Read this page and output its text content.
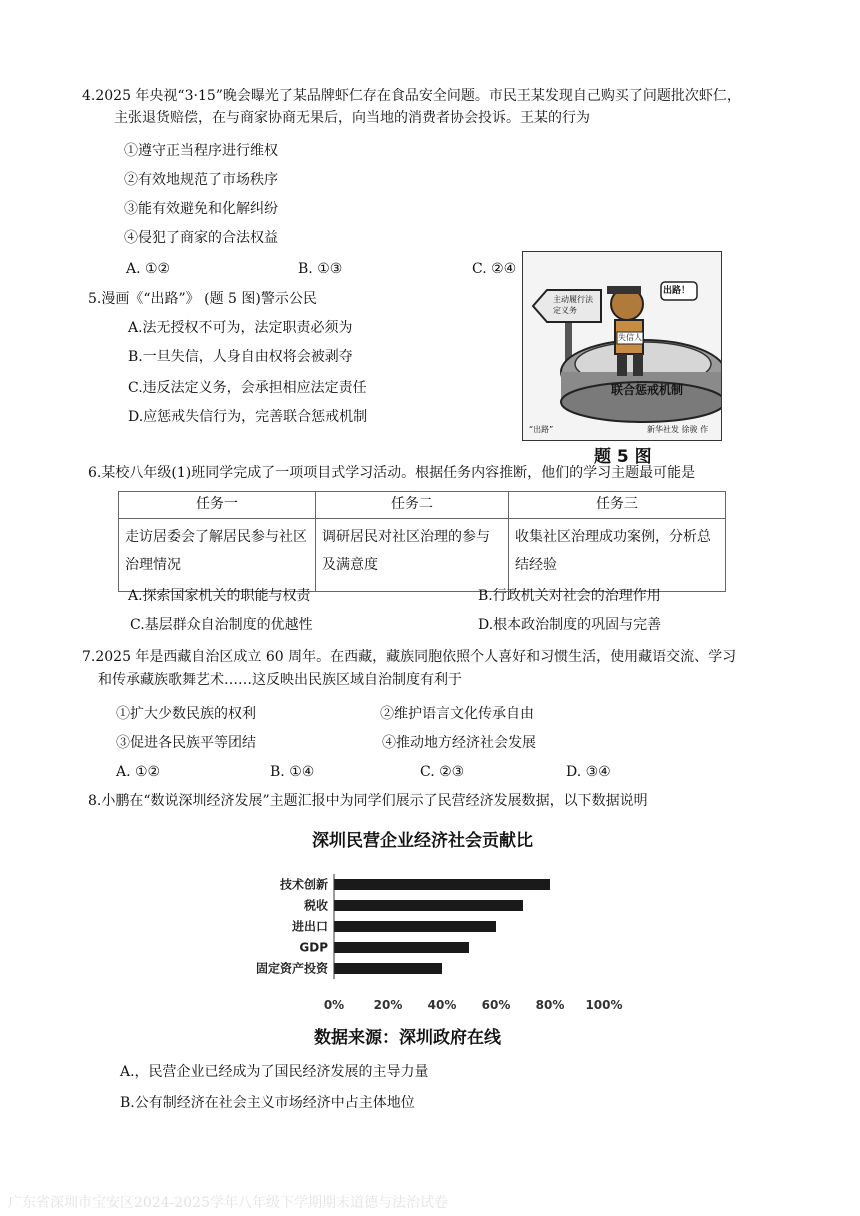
4.2025 年央视“3·15”晚会曝光了某品牌虾仁存在食品安全问题。市民王某发现自己购买了问题批次虾仁，
主张退货赔偿，在与商家协商无果后，向当地的消费者协会投诉。王某的行为
①遵守正当程序进行维权
②有效地规范了市场秩序
③能有效避免和化解纠纷
④侵犯了商家的合法权益
A. ①②	B. ①③	C. ②④
5.漫画《“出路”》 (题 5 图)警示公民
A.法无授权不可为，法定职责必须为
B.一旦失信，人身自由权将会被剥夺
C.违反法定义务，会承担相应法定责任
D.应惩戒失信行为，完善联合惩戒机制
主动履行法定义务
出路！
失信人
联合惩戒机制
“出路”	新华社发 徐骏 作
题 5 图
6.某校八年级(1)班同学完成了一项项目式学习活动。根据任务内容推断，他们的学习主题最可能是
任务一	任务二	任务三
走访居委会了解居民参与社区治理情况	调研居民对社区治理的参与及满意度	收集社区治理成功案例，分析总结经验
A.探索国家机关的职能与权责	B.行政机关对社会的治理作用
C.基层群众自治制度的优越性	D.根本政治制度的巩固与完善
7.2025 年是西藏自治区成立 60 周年。在西藏，藏族同胞依照个人喜好和习惯生活，使用藏语交流、学习
和传承藏族歌舞艺术……这反映出民族区域自治制度有利于
①扩大少数民族的权利	②维护语言文化传承自由
③促进各民族平等团结	④推动地方经济社会发展
A. ①②	B. ①④	C. ②③	D. ③④
8.小鹏在“数说深圳经济发展”主题汇报中为同学们展示了民营经济发展数据，以下数据说明
深圳民营企业经济社会贡献比
技术创新
税收
进出口
GDP
固定资产投资
0% 20% 40% 60% 80% 100%
数据来源：深圳政府在线
A.，民营企业已经成为了国民经济发展的主导力量
B.公有制经济在社会主义市场经济中占主体地位
广东省深圳市宝安区2024-2025学年八年级下学期期末道德与法治试卷
